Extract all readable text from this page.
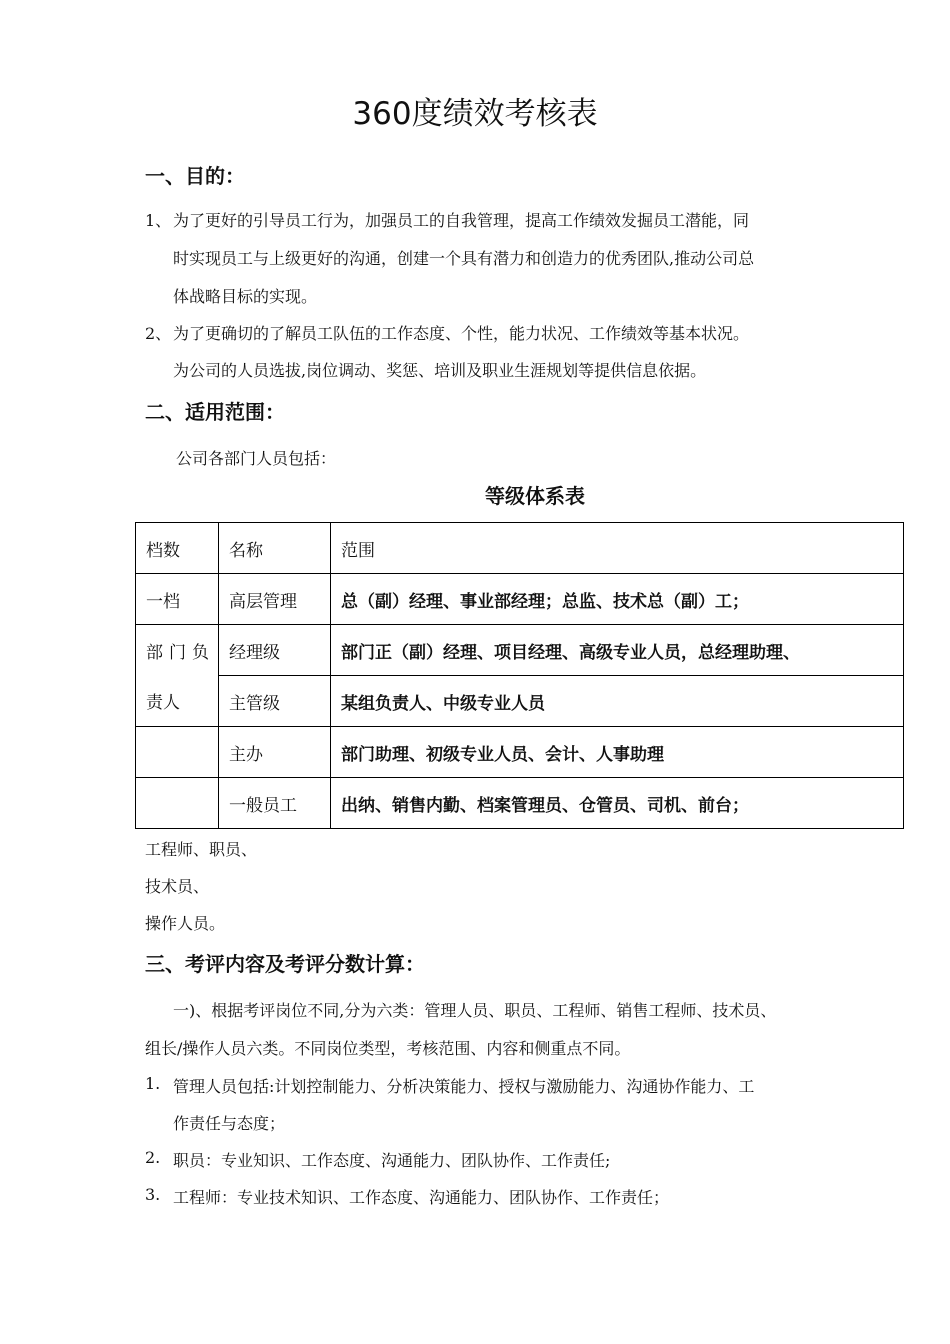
360度绩效考核表
一、目的：
1、 为了更好的引导员工行为，加强员工的自我管理，提高工作绩效发掘员工潜能，同
时实现员工与上级更好的沟通，创建一个具有潜力和创造力的优秀团队,推动公司总
体战略目标的实现。
2、 为了更确切的了解员工队伍的工作态度、个性，能力状况、工作绩效等基本状况。
为公司的人员选拔,岗位调动、奖惩、培训及职业生涯规划等提供信息依据。
二、适用范围：
公司各部门人员包括：
等级体系表
档数	名称	范围
一档	高层管理	总（副）经理、事业部经理；总监、技术总（副）工；
部门负	经理级	部门正（副）经理、项目经理、高级专业人员，总经理助理、
责人	主管级	某组负责人、中级专业人员
	主办	部门助理、初级专业人员、会计、人事助理
	一般员工	出纳、销售内勤、档案管理员、仓管员、司机、前台；
工程师、职员、
技术员、
操作人员。
三、考评内容及考评分数计算：
一)、根据考评岗位不同,分为六类：管理人员、职员、工程师、销售工程师、技术员、
组长/操作人员六类。不同岗位类型，考核范围、内容和侧重点不同。
1. 管理人员包括:计划控制能力、分析决策能力、授权与激励能力、沟通协作能力、工
作责任与态度；
2. 职员：专业知识、工作态度、沟通能力、团队协作、工作责任;
3. 工程师：专业技术知识、工作态度、沟通能力、团队协作、工作责任；
